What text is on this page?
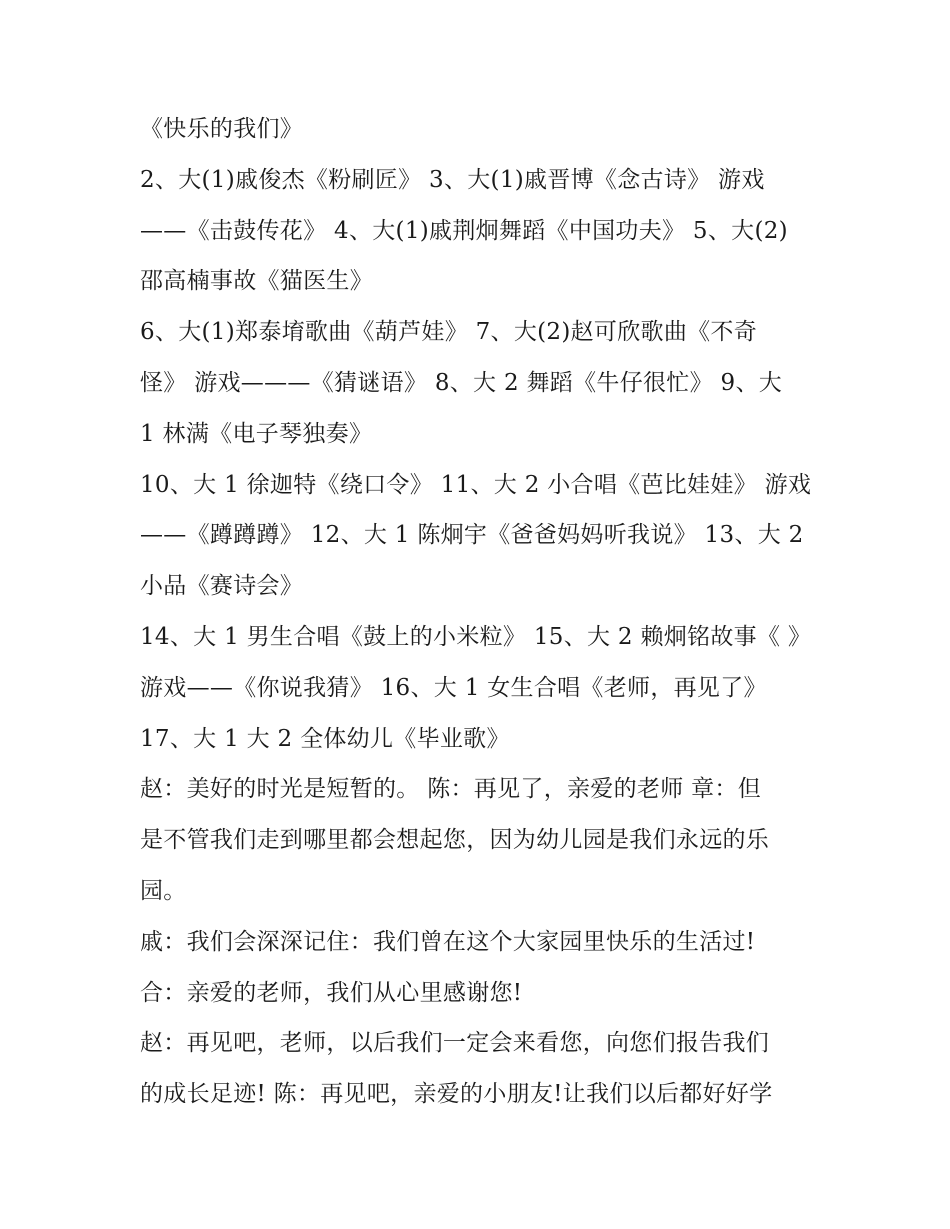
《快乐的我们》
2、大(1)戚俊杰《粉刷匠》 3、大(1)戚晋博《念古诗》 游戏
——《击鼓传花》 4、大(1)戚荆炯舞蹈《中国功夫》 5、大(2)
邵高楠事故《猫医生》
6、大(1)郑泰堉歌曲《葫芦娃》 7、大(2)赵可欣歌曲《不奇
怪》 游戏———《猜谜语》 8、大 2 舞蹈《牛仔很忙》 9、大
1 林满《电子琴独奏》
10、大 1 徐迦特《绕口令》 11、大 2 小合唱《芭比娃娃》 游戏
——《蹲蹲蹲》 12、大 1 陈炯宇《爸爸妈妈听我说》 13、大 2
小品《赛诗会》
14、大 1 男生合唱《鼓上的小米粒》 15、大 2 赖炯铭故事《 》
游戏——《你说我猜》 16、大 1 女生合唱《老师，再见了》
17、大 1 大 2 全体幼儿《毕业歌》
赵：美好的时光是短暂的。 陈：再见了，亲爱的老师 章：但
是不管我们走到哪里都会想起您，因为幼儿园是我们永远的乐
园。
戚：我们会深深记住：我们曾在这个大家园里快乐的生活过!
合：亲爱的老师，我们从心里感谢您!
赵：再见吧，老师，以后我们一定会来看您，向您们报告我们
的成长足迹! 陈：再见吧，亲爱的小朋友!让我们以后都好好学
